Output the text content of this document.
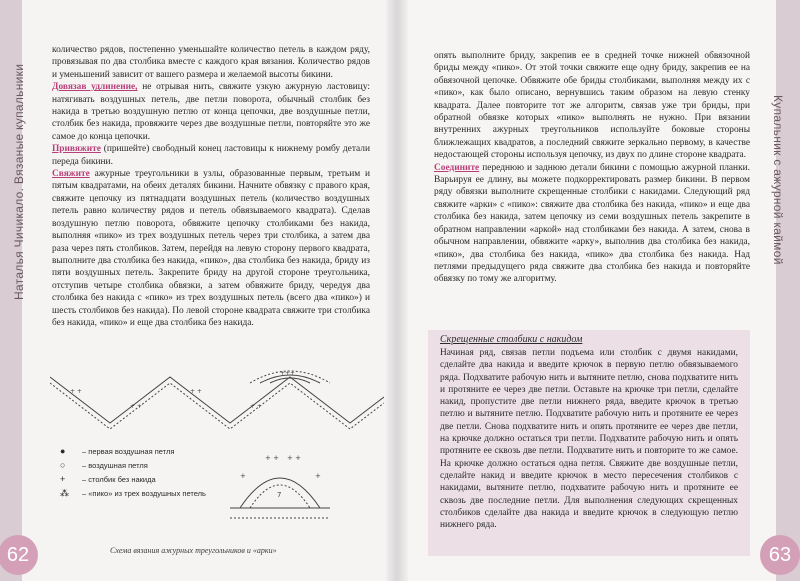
Наталья Чичикало. Вязаные купальники	Купальник с ажурной каймой

количество рядов, постепенно уменьшайте количество петель в каждом ряду, провязывая по два столбика вместе с каждого края вязания. Количество рядов и уменьшений зависит от вашего размера и желаемой высоты бикини.

Довязав удлинение, не отрывая нить, свяжите узкую ажурную ластовицу: натягивать воздушных петель, две петли поворота, обычный столбик без накида в третью воздушную петлю от конца цепочки, две воздушные петли, столбик без накида, провяжите через две воздушные петли, повторяйте это же самое до конца цепочки.

Привяжите (пришейте) свободный конец ластовицы к нижнему ромбу детали переда бикини.

Свяжите ажурные треугольники в узлы, образованные первым, третьим и пятым квадратами, на обеих деталях бикини. Начните обвязку с правого края, свяжите цепочку из пятнадцати воздушных петель (количество воздушных петель равно количеству рядов и петель обвязываемого квадрата). Сделав воздушную петлю поворота, обвяжите цепочку столбиками без накида, выполняя «пико» из трех воздушных петель через три столбика, а затем два раза через пять столбиков. Затем, перейдя на левую сторону первого квадрата, выполните два столбика без накида, «пико», два столбика без накида, бриду из пяти воздушных петель. Закрепите бриду на другой стороне треугольника, отступив четыре столбика обвязки, а затем обвяжите бриду, чередуя два столбика без накида с «пико» из трех воздушных петель (всего два «пико») и шесть столбиков без накида). По левой стороне квадрата свяжите три столбика без накида, «пико» и еще два столбика без накида.

+++
+ +
+ +
+ +
+ +
●	– первая воздушная петля
○	– воздушная петля
+	– столбик без накида
⁂	– «пико» из трех воздушных петель
+	+
+ + + +
7
Схема вязания ажурных треугольников и «арки»
62

опять выполните бриду, закрепив ее в средней точке нижней обвязочной бриды между «пико». От этой точки свяжите еще одну бриду, закрепив ее на обвязочной цепочке. Обвяжите обе бриды столбиками, выполняя между их с «пико», как было описано, вернувшись таким образом на левую стенку квадрата. Далее повторите тот же алгоритм, связав уже три бриды, при обратной обвязке которых «пико» выполнять не нужно. При вязании внутренних ажурных треугольников используйте боковые стороны ближлежащих квадратов, а последний свяжите зеркально первому, в качестве недостающей стороны используя цепочку, из двух по длине стороне квадрата.

Соедините переднюю и заднюю детали бикини с помощью ажурной планки. Варьируя ее длину, вы можете подкорректировать размер бикини. В первом ряду обвязки выполните скрещенные столбики с накидами. Следующий ряд свяжите «арки» с «пико»: свяжите два столбика без накида, «пико» и еще два столбика без накида, затем цепочку из семи воздушных петель закрепите в обратном направлении «аркой» над столбиками без накида. А затем, снова в обычном направлении, обвяжите «арку», выполнив два столбика без накида, «пико», два столбика без накида, «пико» два столбика без накида. Над петлями предыдущего ряда свяжите два столбика без накида и повторяйте обвязку по тому же алгоритму.

Скрещенные столбики с накидом

Начиная ряд, связав петли подъема или столбик с двумя накидами, сделайте два накида и введите крючок в первую петлю обвязываемого ряда. Подхватите рабочую нить и вытяните петлю, снова подхватите нить и протяните ее через две петли. Оставьте на крючке три петли, сделайте накид, пропустите две петли нижнего ряда, введите крючок в третью петлю и вытяните петлю. Подхватите рабочую нить и протяните ее через две петли. Снова подхватите нить и опять протяните ее через две петли, на крючке должно остаться три петли. Подхватите рабочую нить и опять протяните ее сквозь две петли. Подхватите нить и повторите то же самое. На крючке должно остаться одна петля. Свяжите две воздушные петли, сделайте накид и введите крючок в место пересечения столбиков с накидами, вытяните петлю, подхватите рабочую нить и протяните ее сквозь две последние петли. Для выполнения следующих скрещенных столбиков сделайте два накида и введите крючок в следующую петлю нижнего ряда.

63
